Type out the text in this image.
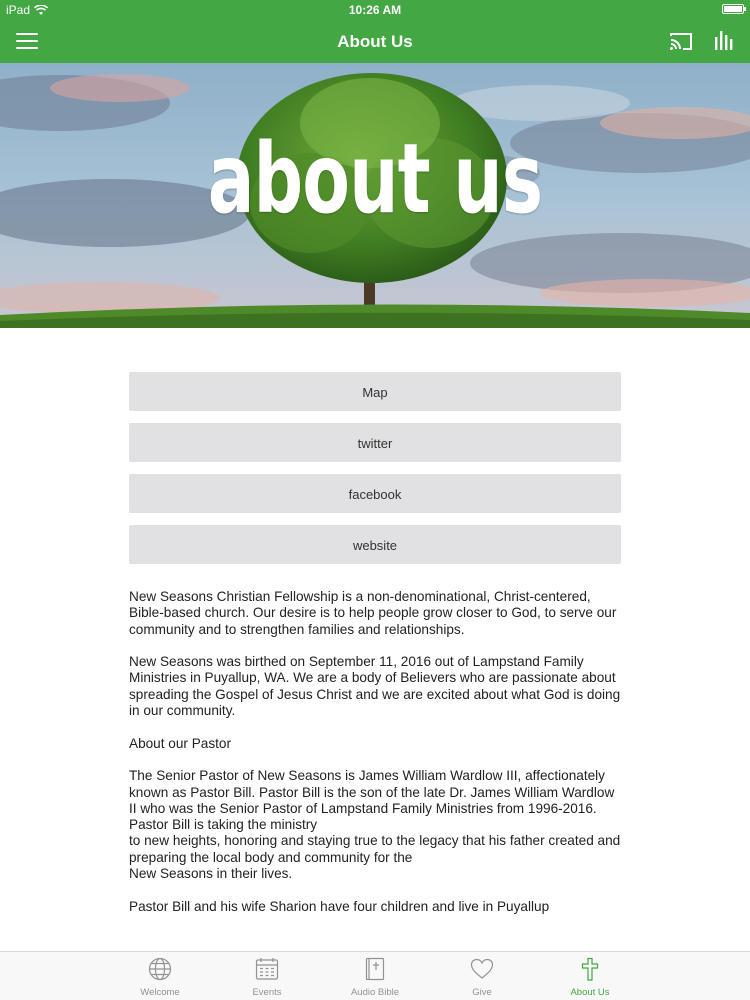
iPad	10:26 AM
About Us
about us
Map
twitter
facebook
website

New Seasons Christian Fellowship is a non-denominational, Christ-centered, Bible-based church. Our desire is to help people grow closer to God, to serve our community and to strengthen families and relationships.

New Seasons was birthed on September 11, 2016 out of Lampstand Family Ministries in Puyallup, WA. We are a body of Believers who are passionate about spreading the Gospel of Jesus Christ and we are excited about what God is doing in our community.

About our Pastor

The Senior Pastor of New Seasons is James William Wardlow III, affectionately known as Pastor Bill. Pastor Bill is the son of the late Dr. James William Wardlow II who was the Senior Pastor of Lampstand Family Ministries from 1996-2016. Pastor Bill is taking the ministry

to new heights, honoring and staying true to the legacy that his father created and preparing the local body and community for the

New Seasons in their lives.

Pastor Bill and his wife Sharion have four children and live in Puyallup

Welcome	Events	Audio Bible	Give	About Us
